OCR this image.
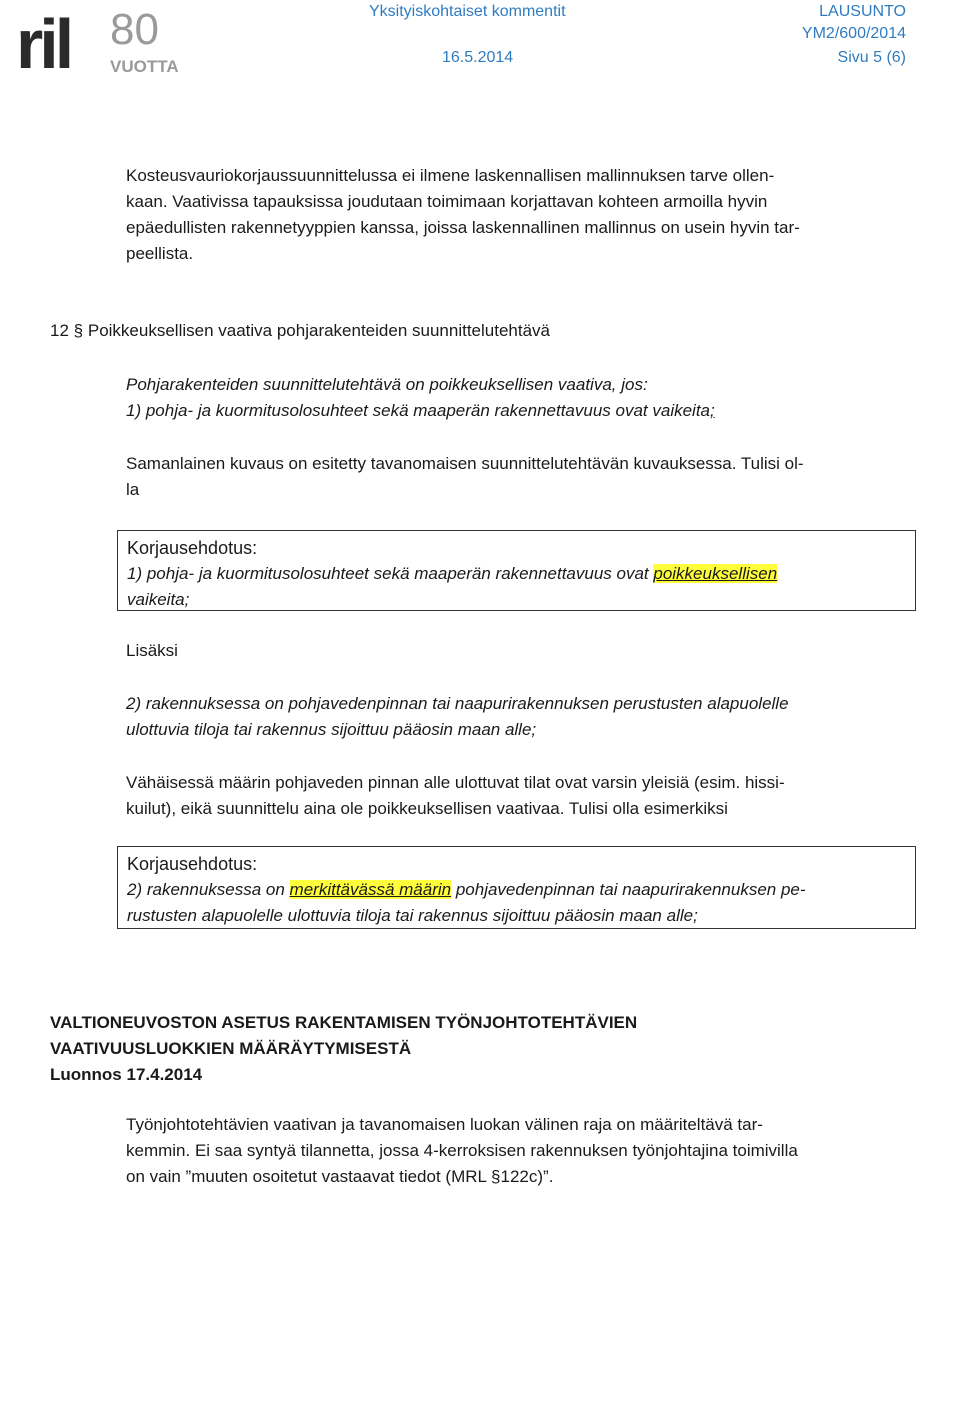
ril 80
VUOTTA
Yksityiskohtaiset kommentit	LAUSUNTO
YM2/600/2014
16.5.2014	Sivu 5 (6)
Kosteusvauriokorjaussuunnittelussa ei ilmene laskennallisen mallinnuksen tarve ollen-
kaan. Vaativissa tapauksissa joudutaan toimimaan korjattavan kohteen armoilla hyvin
epäedullisten rakennetyyppien kanssa, joissa laskennallinen mallinnus on usein hyvin tar-
peellista.
12 § Poikkeuksellisen vaativa pohjarakenteiden suunnittelutehtävä
Pohjarakenteiden suunnittelutehtävä on poikkeuksellisen vaativa, jos:
1) pohja- ja kuormitusolosuhteet sekä maaperän rakennettavuus ovat vaikeita;
Samanlainen kuvaus on esitetty tavanomaisen suunnittelutehtävän kuvauksessa. Tulisi ol-
la
Korjausehdotus:
1) pohja- ja kuormitusolosuhteet sekä maaperän rakennettavuus ovat poikkeuksellisen
vaikeita;
Lisäksi
2) rakennuksessa on pohjavedenpinnan tai naapurirakennuksen perustusten alapuolelle
ulottuvia tiloja tai rakennus sijoittuu pääosin maan alle;
Vähäisessä määrin pohjaveden pinnan alle ulottuvat tilat ovat varsin yleisiä (esim. hissi-
kuilut), eikä suunnittelu aina ole poikkeuksellisen vaativaa. Tulisi olla esimerkiksi
Korjausehdotus:
2) rakennuksessa on merkittävässä määrin pohjavedenpinnan tai naapurirakennuksen pe-
rustusten alapuolelle ulottuvia tiloja tai rakennus sijoittuu pääosin maan alle;
VALTIONEUVOSTON ASETUS RAKENTAMISEN TYÖNJOHTOTEHTÄVIEN
VAATIVUUSLUOKKIEN MÄÄRÄYTYMISESTÄ
Luonnos 17.4.2014
Työnjohtotehtävien vaativan ja tavanomaisen luokan välinen raja on määriteltävä tar-
kemmin. Ei saa syntyä tilannetta, jossa 4-kerroksisen rakennuksen työnjohtajina toimivilla
on vain ”muuten osoitetut vastaavat tiedot (MRL §122c)”.
